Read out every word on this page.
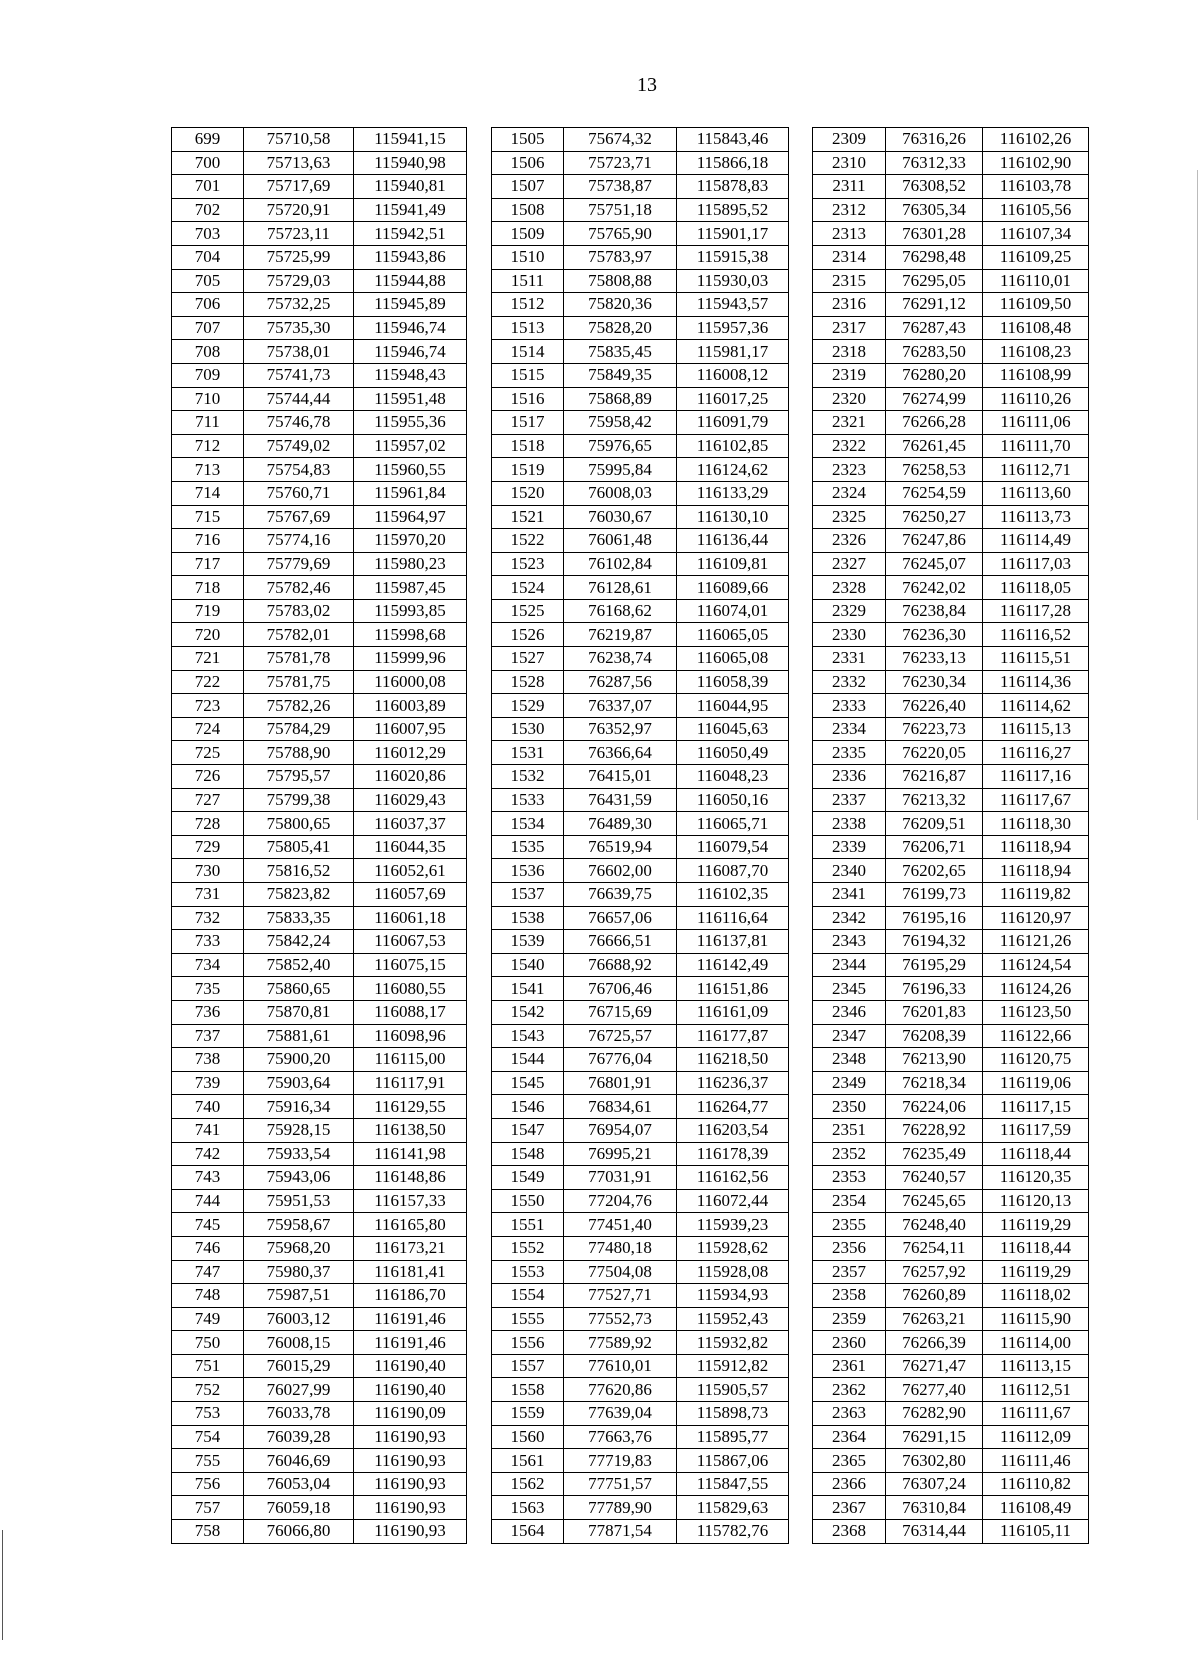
13
699	75710,58	115941,15		1505	75674,32	115843,46		2309	76316,26	116102,26
700	75713,63	115940,98		1506	75723,71	115866,18		2310	76312,33	116102,90
701	75717,69	115940,81		1507	75738,87	115878,83		2311	76308,52	116103,78
702	75720,91	115941,49		1508	75751,18	115895,52		2312	76305,34	116105,56
703	75723,11	115942,51		1509	75765,90	115901,17		2313	76301,28	116107,34
704	75725,99	115943,86		1510	75783,97	115915,38		2314	76298,48	116109,25
705	75729,03	115944,88		1511	75808,88	115930,03		2315	76295,05	116110,01
706	75732,25	115945,89		1512	75820,36	115943,57		2316	76291,12	116109,50
707	75735,30	115946,74		1513	75828,20	115957,36		2317	76287,43	116108,48
708	75738,01	115946,74		1514	75835,45	115981,17		2318	76283,50	116108,23
709	75741,73	115948,43		1515	75849,35	116008,12		2319	76280,20	116108,99
710	75744,44	115951,48		1516	75868,89	116017,25		2320	76274,99	116110,26
711	75746,78	115955,36		1517	75958,42	116091,79		2321	76266,28	116111,06
712	75749,02	115957,02		1518	75976,65	116102,85		2322	76261,45	116111,70
713	75754,83	115960,55		1519	75995,84	116124,62		2323	76258,53	116112,71
714	75760,71	115961,84		1520	76008,03	116133,29		2324	76254,59	116113,60
715	75767,69	115964,97		1521	76030,67	116130,10		2325	76250,27	116113,73
716	75774,16	115970,20		1522	76061,48	116136,44		2326	76247,86	116114,49
717	75779,69	115980,23		1523	76102,84	116109,81		2327	76245,07	116117,03
718	75782,46	115987,45		1524	76128,61	116089,66		2328	76242,02	116118,05
719	75783,02	115993,85		1525	76168,62	116074,01		2329	76238,84	116117,28
720	75782,01	115998,68		1526	76219,87	116065,05		2330	76236,30	116116,52
721	75781,78	115999,96		1527	76238,74	116065,08		2331	76233,13	116115,51
722	75781,75	116000,08		1528	76287,56	116058,39		2332	76230,34	116114,36
723	75782,26	116003,89		1529	76337,07	116044,95		2333	76226,40	116114,62
724	75784,29	116007,95		1530	76352,97	116045,63		2334	76223,73	116115,13
725	75788,90	116012,29		1531	76366,64	116050,49		2335	76220,05	116116,27
726	75795,57	116020,86		1532	76415,01	116048,23		2336	76216,87	116117,16
727	75799,38	116029,43		1533	76431,59	116050,16		2337	76213,32	116117,67
728	75800,65	116037,37		1534	76489,30	116065,71		2338	76209,51	116118,30
729	75805,41	116044,35		1535	76519,94	116079,54		2339	76206,71	116118,94
730	75816,52	116052,61		1536	76602,00	116087,70		2340	76202,65	116118,94
731	75823,82	116057,69		1537	76639,75	116102,35		2341	76199,73	116119,82
732	75833,35	116061,18		1538	76657,06	116116,64		2342	76195,16	116120,97
733	75842,24	116067,53		1539	76666,51	116137,81		2343	76194,32	116121,26
734	75852,40	116075,15		1540	76688,92	116142,49		2344	76195,29	116124,54
735	75860,65	116080,55		1541	76706,46	116151,86		2345	76196,33	116124,26
736	75870,81	116088,17		1542	76715,69	116161,09		2346	76201,83	116123,50
737	75881,61	116098,96		1543	76725,57	116177,87		2347	76208,39	116122,66
738	75900,20	116115,00		1544	76776,04	116218,50		2348	76213,90	116120,75
739	75903,64	116117,91		1545	76801,91	116236,37		2349	76218,34	116119,06
740	75916,34	116129,55		1546	76834,61	116264,77		2350	76224,06	116117,15
741	75928,15	116138,50		1547	76954,07	116203,54		2351	76228,92	116117,59
742	75933,54	116141,98		1548	76995,21	116178,39		2352	76235,49	116118,44
743	75943,06	116148,86		1549	77031,91	116162,56		2353	76240,57	116120,35
744	75951,53	116157,33		1550	77204,76	116072,44		2354	76245,65	116120,13
745	75958,67	116165,80		1551	77451,40	115939,23		2355	76248,40	116119,29
746	75968,20	116173,21		1552	77480,18	115928,62		2356	76254,11	116118,44
747	75980,37	116181,41		1553	77504,08	115928,08		2357	76257,92	116119,29
748	75987,51	116186,70		1554	77527,71	115934,93		2358	76260,89	116118,02
749	76003,12	116191,46		1555	77552,73	115952,43		2359	76263,21	116115,90
750	76008,15	116191,46		1556	77589,92	115932,82		2360	76266,39	116114,00
751	76015,29	116190,40		1557	77610,01	115912,82		2361	76271,47	116113,15
752	76027,99	116190,40		1558	77620,86	115905,57		2362	76277,40	116112,51
753	76033,78	116190,09		1559	77639,04	115898,73		2363	76282,90	116111,67
754	76039,28	116190,93		1560	77663,76	115895,77		2364	76291,15	116112,09
755	76046,69	116190,93		1561	77719,83	115867,06		2365	76302,80	116111,46
756	76053,04	116190,93		1562	77751,57	115847,55		2366	76307,24	116110,82
757	76059,18	116190,93		1563	77789,90	115829,63		2367	76310,84	116108,49
758	76066,80	116190,93		1564	77871,54	115782,76		2368	76314,44	116105,11
